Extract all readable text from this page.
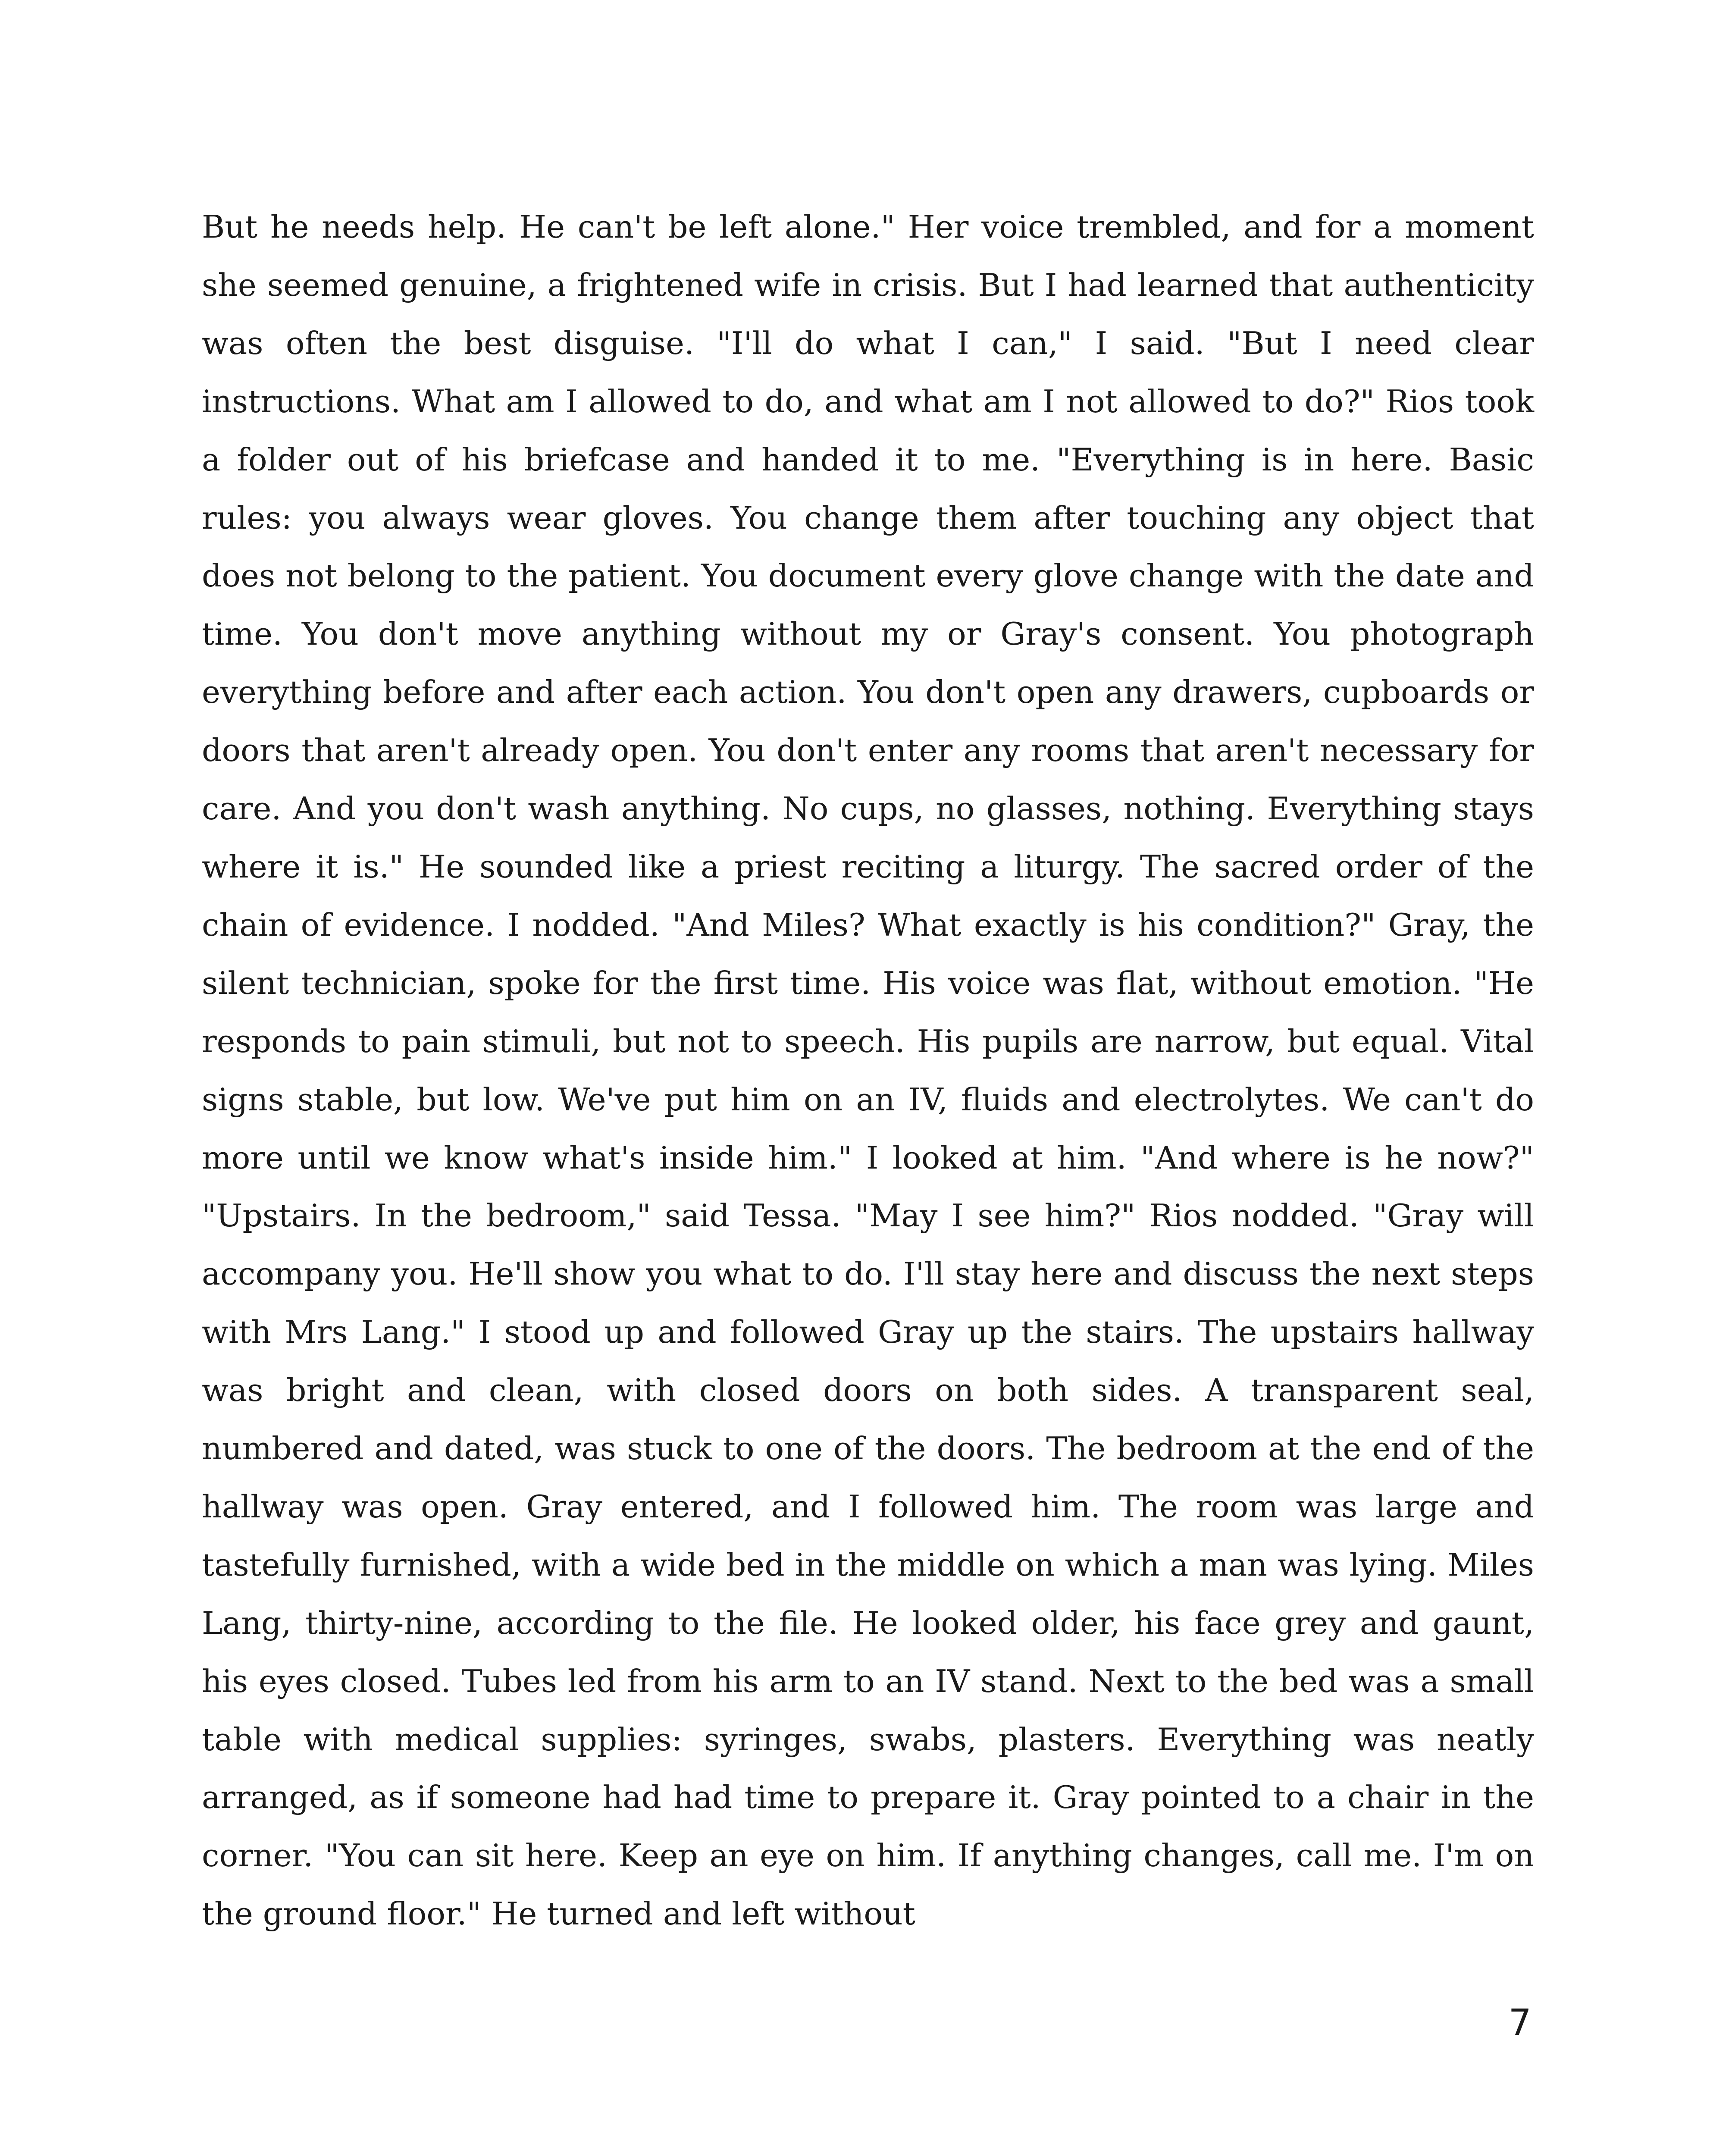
But he needs help. He can't be left alone." Her voice trembled, and for a moment she seemed genuine, a frightened wife in crisis. But I had learned that authenticity was often the best disguise. "I'll do what I can," I said. "But I need clear instructions. What am I allowed to do, and what am I not allowed to do?" Rios took a folder out of his briefcase and handed it to me. "Everything is in here. Basic rules: you always wear gloves. You change them after touching any object that does not belong to the patient. You document every glove change with the date and time. You don't move anything without my or Gray's consent. You photograph everything before and after each action. You don't open any drawers, cupboards or doors that aren't already open. You don't enter any rooms that aren't necessary for care. And you don't wash anything. No cups, no glasses, nothing. Everything stays where it is." He sounded like a priest reciting a liturgy. The sacred order of the chain of evidence. I nodded. "And Miles? What exactly is his condition?" Gray, the silent technician, spoke for the first time. His voice was flat, without emotion. "He responds to pain stimuli, but not to speech. His pupils are narrow, but equal. Vital signs stable, but low. We've put him on an IV, fluids and electrolytes. We can't do more until we know what's inside him." I looked at him. "And where is he now?" "Upstairs. In the bedroom," said Tessa. "May I see him?" Rios nodded. "Gray will accompany you. He'll show you what to do. I'll stay here and discuss the next steps with Mrs Lang." I stood up and followed Gray up the stairs. The upstairs hallway was bright and clean, with closed doors on both sides. A transparent seal, numbered and dated, was stuck to one of the doors. The bedroom at the end of the hallway was open. Gray entered, and I followed him. The room was large and tastefully furnished, with a wide bed in the middle on which a man was lying. Miles Lang, thirty-nine, according to the file. He looked older, his face grey and gaunt, his eyes closed. Tubes led from his arm to an IV stand. Next to the bed was a small table with medical supplies: syringes, swabs, plasters. Everything was neatly arranged, as if someone had had time to prepare it. Gray pointed to a chair in the corner. "You can sit here. Keep an eye on him. If anything changes, call me. I'm on the ground floor." He turned and left without

7
